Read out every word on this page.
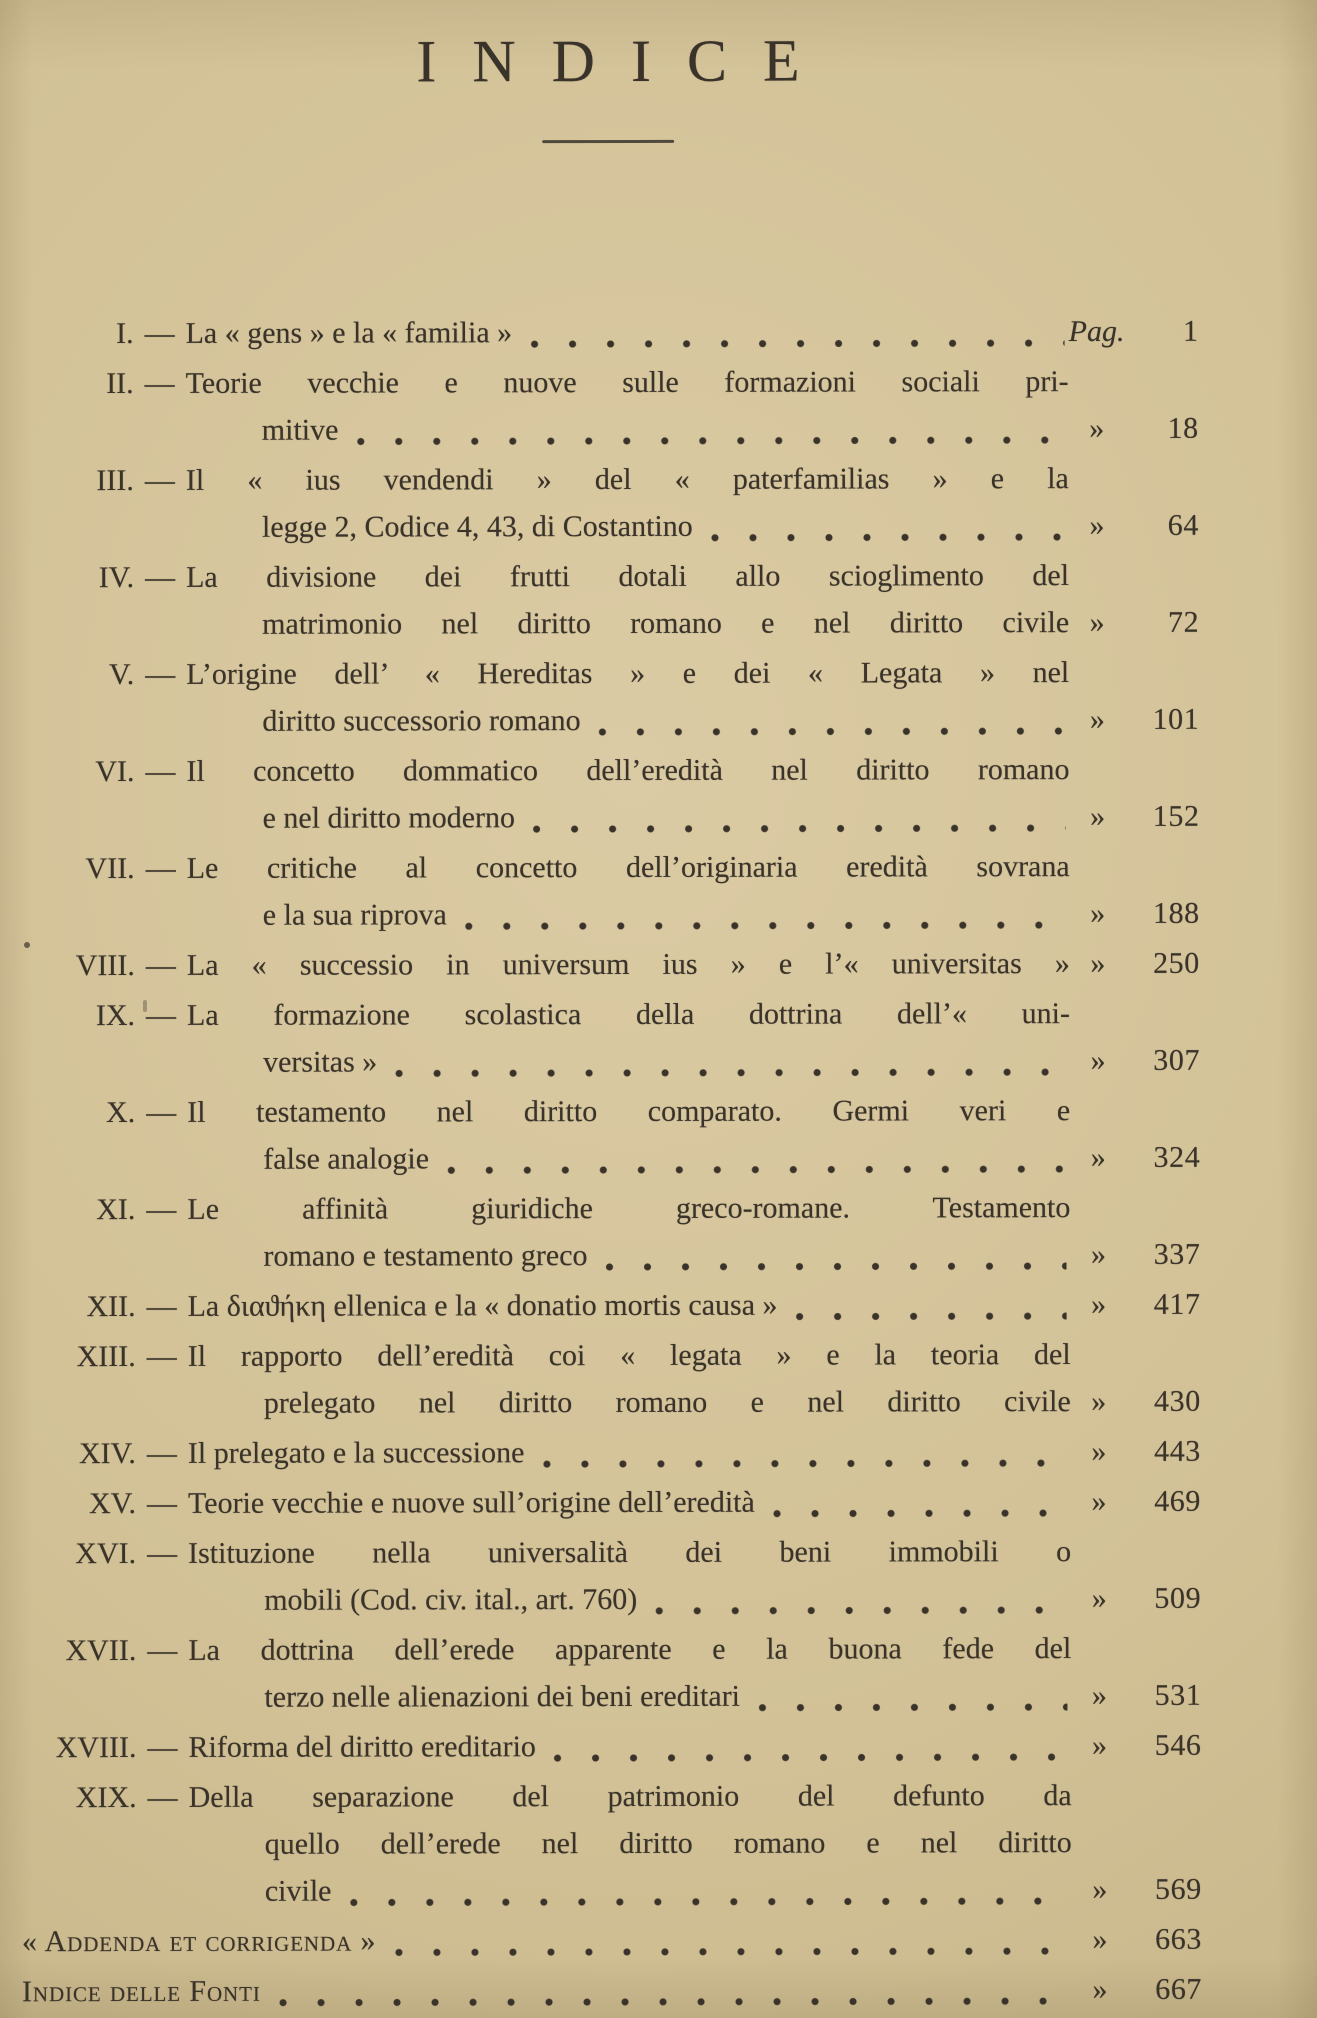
INDICE
I. — La « gens » e la « familia »	Pag.	1
II. — Teorie vecchie e nuove sulle formazioni sociali pri-
mitive	»	18
III. — Il « ius vendendi » del « paterfamilias » e la
legge 2, Codice 4, 43, di Costantino	»	64
IV. — La divisione dei frutti dotali allo scioglimento del
matrimonio nel diritto romano e nel diritto civile »	72
V. — L’origine dell’ « Hereditas » e dei « Legata » nel
diritto successorio romano	»	101
VI. — Il concetto dommatico dell’eredità nel diritto romano
e nel diritto moderno	»	152
VII. — Le critiche al concetto dell’originaria eredità sovrana
e la sua riprova	»	188
VIII. — La « successio in universum ius » e l’« universitas » »	250
IX. — La formazione scolastica della dottrina dell’« uni-
versitas »	»	307
X. — Il testamento nel diritto comparato. Germi veri e
false analogie	»	324
XI. — Le affinità giuridiche greco-romane. Testamento
romano e testamento greco	»	337
XII. — La διαϑήκη ellenica e la « donatio mortis causa »	»	417
XIII. — Il rapporto dell’eredità coi « legata » e la teoria del
prelegato nel diritto romano e nel diritto civile »	430
XIV. — Il prelegato e la successione	»	443
XV. — Teorie vecchie e nuove sull’origine dell’eredità	»	469
XVI. — Istituzione nella universalità dei beni immobili o
mobili (Cod. civ. ital., art. 760)	»	509
XVII. — La dottrina dell’erede apparente e la buona fede del
terzo nelle alienazioni dei beni ereditari	»	531
XVIII. — Riforma del diritto ereditario	»	546
XIX. — Della separazione del patrimonio del defunto da
quello dell’erede nel diritto romano e nel diritto
civile	»	569
« Addenda et corrigenda »	»	663
Indice delle Fonti	»	667
